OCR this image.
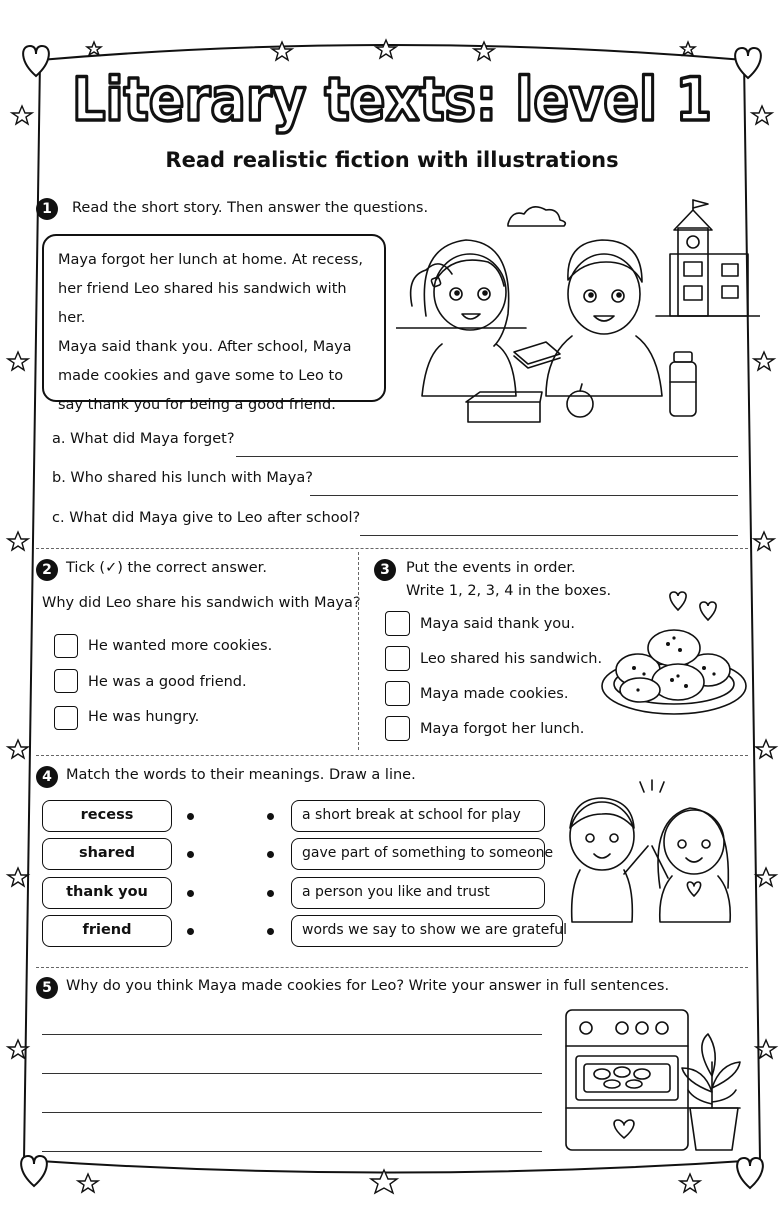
Literary texts: level 1
Read realistic fiction with illustrations
1	Read the short story. Then answer the questions.
Maya forgot her lunch at home. At recess,
her friend Leo shared his sandwich with her.
Maya said thank you. After school, Maya
made cookies and gave some to Leo to
say thank you for being a good friend.
a. What did Maya forget?
b. Who shared his lunch with Maya?
c. What did Maya give to Leo after school?
2 Tick (✓) the correct answer.
Why did Leo share his sandwich with Maya?
He wanted more cookies.
He was a good friend.
He was hungry.
3	Put the events in order.
Write 1, 2, 3, 4 in the boxes.
Maya said thank you.
Leo shared his sandwich.
Maya made cookies.
Maya forgot her lunch.
4 Match the words to their meanings. Draw a line.
recess
shared
thank you
friend
a short break at school for play
gave part of something to someone
a person you like and trust
words we say to show we are grateful
5 Why do you think Maya made cookies for Leo? Write your answer in full sentences.
